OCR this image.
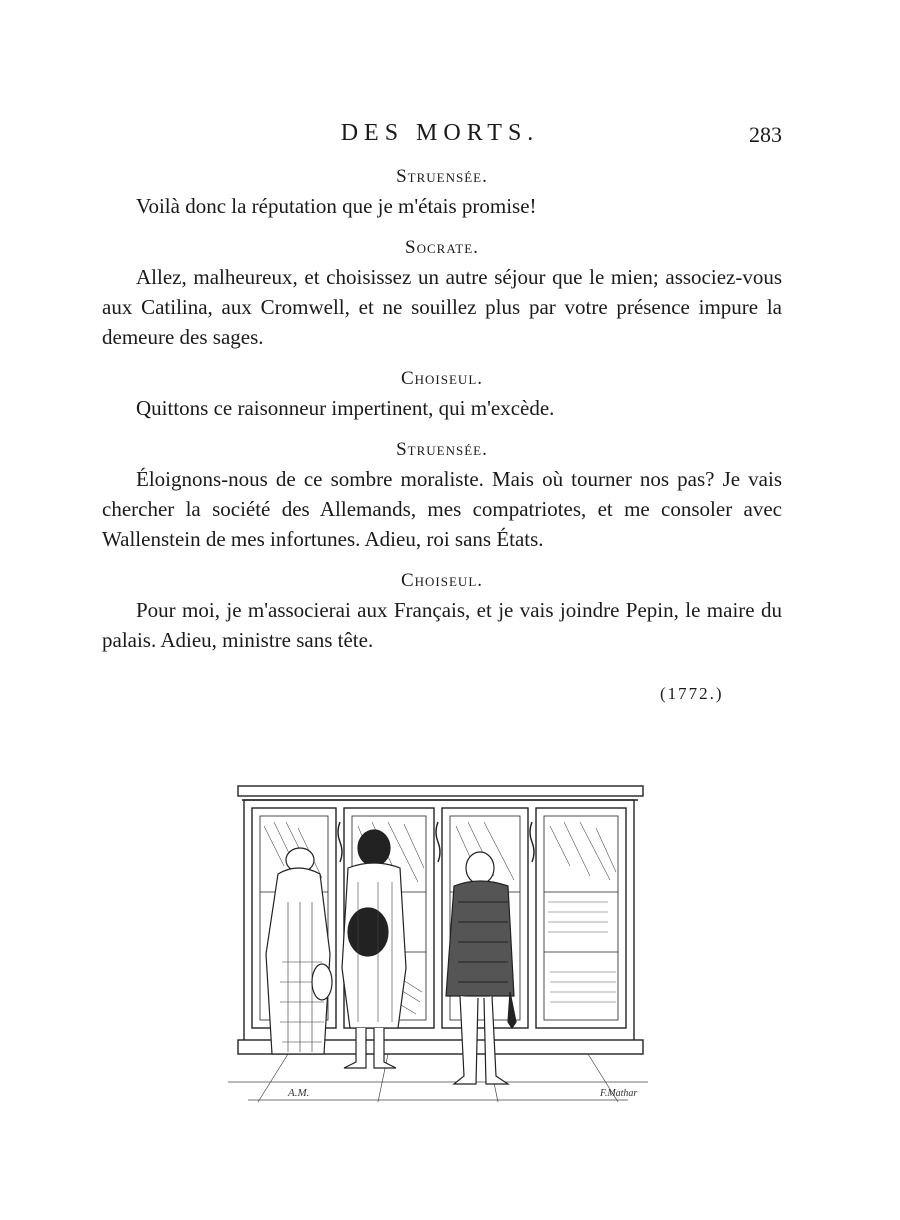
DES MORTS.	283
Struensée.
Voilà donc la réputation que je m'étais promise!
Socrate.
Allez, malheureux, et choisissez un autre séjour que le mien; associez-vous aux Catilina, aux Cromwell, et ne souillez plus par votre présence impure la demeure des sages.
Choiseul.
Quittons ce raisonneur impertinent, qui m'excède.
Struensée.
Éloignons-nous de ce sombre moraliste. Mais où tourner nos pas? Je vais chercher la société des Allemands, mes compatriotes, et me consoler avec Wallenstein de mes infortunes. Adieu, roi sans États.
Choiseul.
Pour moi, je m'associerai aux Français, et je vais joindre Pepin, le maire du palais. Adieu, ministre sans tête.
(1772.)
A.M.	F.Mathar
